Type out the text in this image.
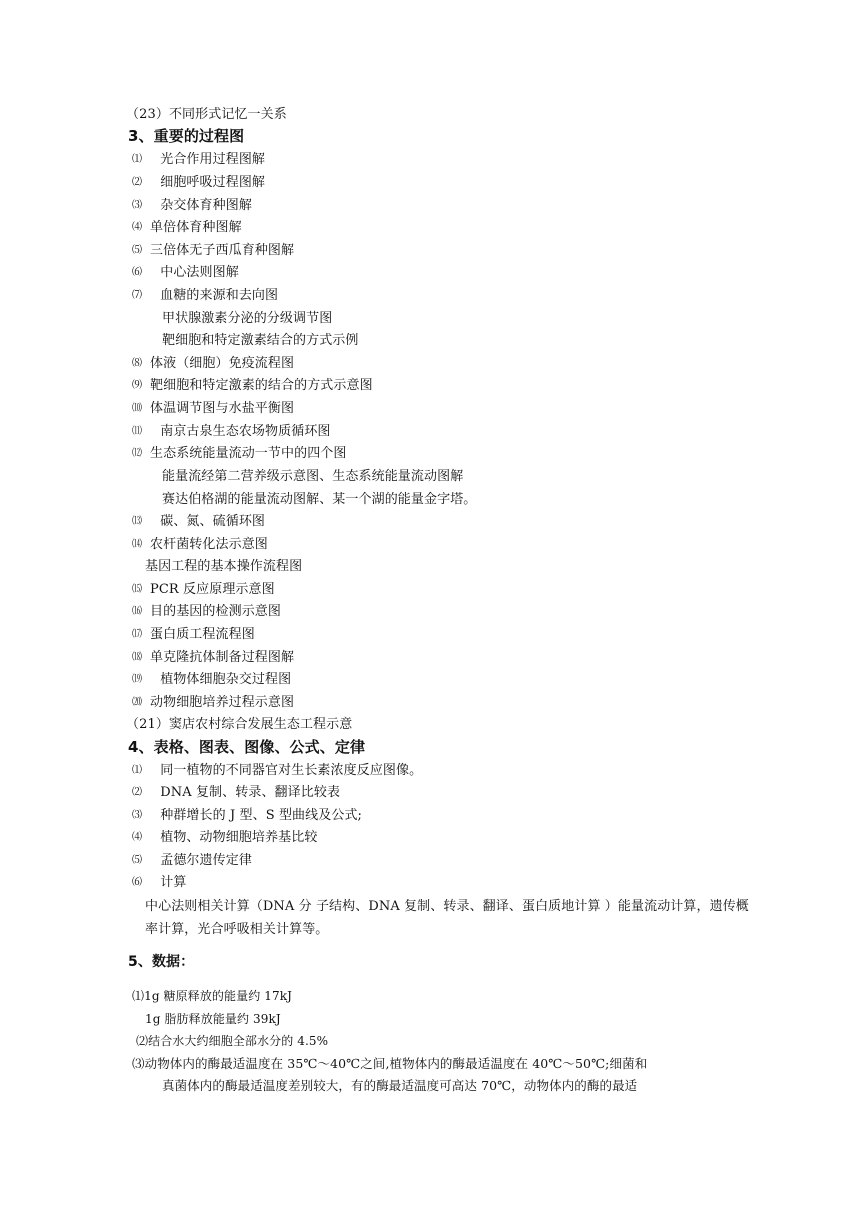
（23）不同形式记忆一关系
3、重要的过程图
⑴ 光合作用过程图解
⑵ 细胞呼吸过程图解
⑶ 杂交体育种图解
⑷ 单倍体育种图解
⑸ 三倍体无子西瓜育种图解
⑹ 中心法则图解
⑺ 血糖的来源和去向图
甲状腺激素分泌的分级调节图
靶细胞和特定激素结合的方式示例
⑻ 体液（细胞）免疫流程图
⑼ 靶细胞和特定激素的结合的方式示意图
⑽ 体温调节图与水盐平衡图
⑾ 南京古泉生态农场物质循环图
⑿ 生态系统能量流动一节中的四个图
能量流经第二营养级示意图、生态系统能量流动图解
赛达伯格湖的能量流动图解、某一个湖的能量金字塔。
⒀ 碳、氮、硫循环图
⒁ 农杆菌转化法示意图
基因工程的基本操作流程图
⒂ PCR 反应原理示意图
⒃ 目的基因的检测示意图
⒄ 蛋白质工程流程图
⒅ 单克隆抗体制备过程图解
⒆ 植物体细胞杂交过程图
⒇ 动物细胞培养过程示意图
（21）窦店农村综合发展生态工程示意
4、表格、图表、图像、公式、定律
⑴ 同一植物的不同器官对生长素浓度反应图像。
⑵ DNA 复制、转录、翻译比较表
⑶ 种群增长的 J 型、S 型曲线及公式;
⑷ 植物、动物细胞培养基比较
⑸ 孟德尔遗传定律
⑹ 计算
中心法则相关计算（DNA 分 子结构、DNA 复制、转录、翻译、蛋白质地计算 ）能量流动计算，遗传概率计算，光合呼吸相关计算等。
5、数据：
⑴1g 糖原释放的能量约 17kJ
1g 脂肪释放能量约 39kJ
⑵结合水大约细胞全部水分的 4.5%
⑶动物体内的酶最适温度在 35℃～40℃之间,植物体内的酶最适温度在 40℃～50℃;细菌和
真菌体内的酶最适温度差别较大，有的酶最适温度可高达 70℃，动物体内的酶的最适
